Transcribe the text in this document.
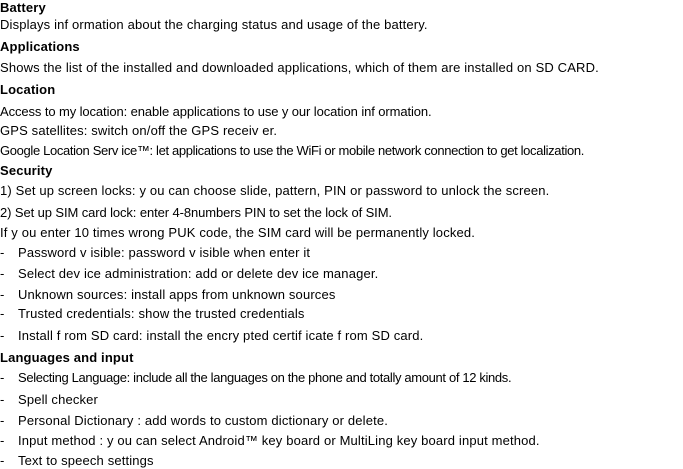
Battery
Displays inf ormation about the charging status and usage of the battery.
Applications
Shows the list of the installed and downloaded applications, which of them are installed on SD CARD.
Location
Access to my location: enable applications to use y our location inf ormation.
GPS satellites: switch on/off the GPS receiv er.
Google Location Serv ice™: let applications to use the WiFi or mobile network connection to get localization.
Security
1) Set up screen locks: y ou can choose slide, pattern, PIN or password to unlock the screen.
2) Set up SIM card lock: enter 4-8numbers PIN to set the lock of SIM.
If y ou enter 10 times wrong PUK code, the SIM card will be permanently locked.
- Password v isible: password v isible when enter it
- Select dev ice administration: add or delete dev ice manager.
- Unknown sources: install apps from unknown sources
- Trusted credentials: show the trusted credentials
- Install f rom SD card: install the encry pted certif icate f rom SD card.
Languages and input
- Selecting Language: include all the languages on the phone and totally amount of 12 kinds.
- Spell checker
- Personal Dictionary : add words to custom dictionary or delete.
- Input method : y ou can select Android™ key board or MultiLing key board input method.
- Text to speech settings
